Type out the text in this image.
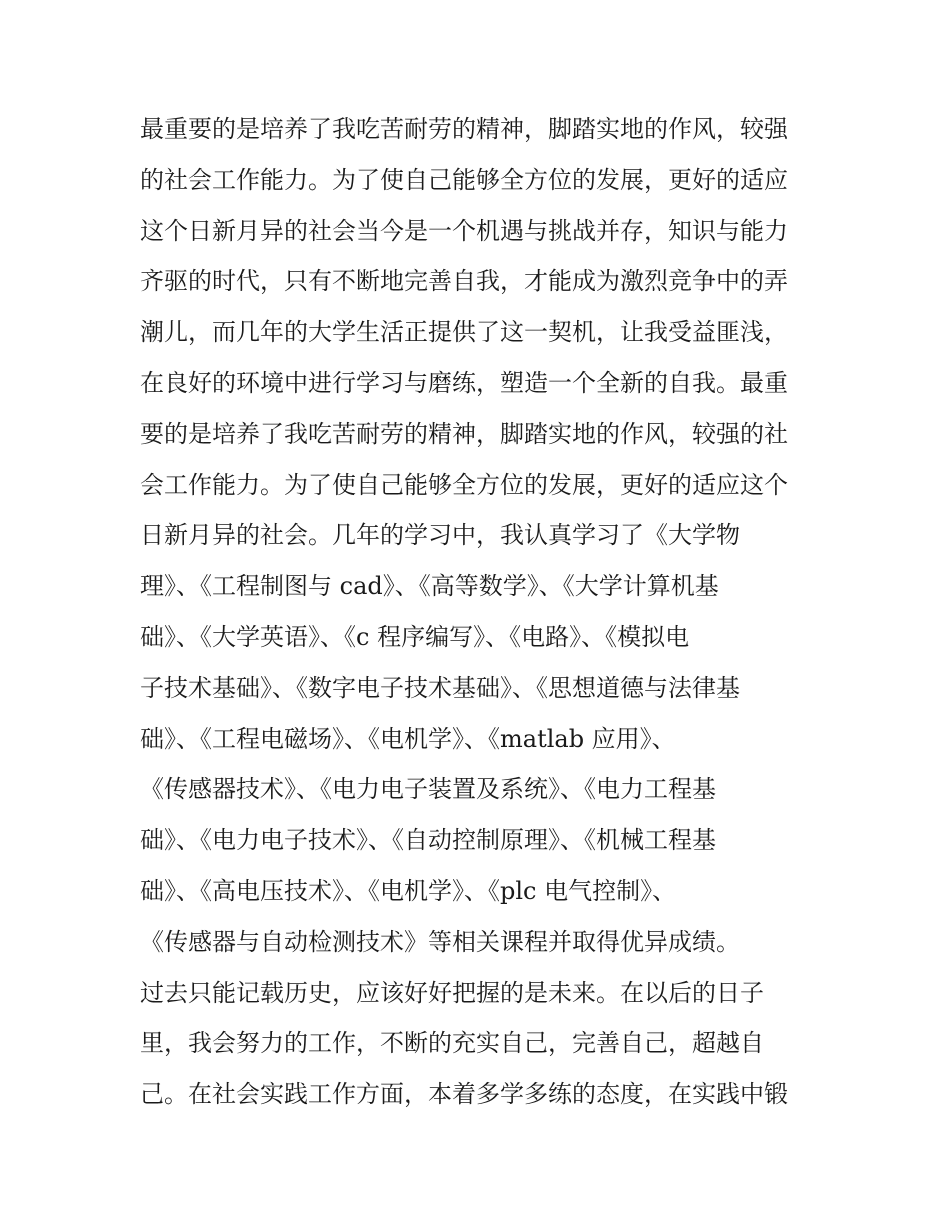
最重要的是培养了我吃苦耐劳的精神，脚踏实地的作风，较强
的社会工作能力。为了使自己能够全方位的发展，更好的适应
这个日新月异的社会当今是一个机遇与挑战并存，知识与能力
齐驱的时代，只有不断地完善自我，才能成为激烈竞争中的弄
潮儿，而几年的大学生活正提供了这一契机，让我受益匪浅，
在良好的环境中进行学习与磨练，塑造一个全新的自我。最重
要的是培养了我吃苦耐劳的精神，脚踏实地的作风，较强的社
会工作能力。为了使自己能够全方位的发展，更好的适应这个
日新月异的社会。几年的学习中，我认真学习了《大学物
理》、《工程制图与 cad》、《高等数学》、《大学计算机基
础》、《大学英语》、《c 程序编写》、《电路》、《模拟电
子技术基础》、《数字电子技术基础》、《思想道德与法律基
础》、《工程电磁场》、《电机学》、《matlab 应用》、
《传感器技术》、《电力电子装置及系统》、《电力工程基
础》、《电力电子技术》、《自动控制原理》、《机械工程基
础》、《高电压技术》、《电机学》、《plc 电气控制》、
《传感器与自动检测技术》等相关课程并取得优异成绩。
过去只能记载历史，应该好好把握的是未来。在以后的日子
里，我会努力的工作，不断的充实自己，完善自己，超越自
己。在社会实践工作方面，本着多学多练的态度，在实践中锻
